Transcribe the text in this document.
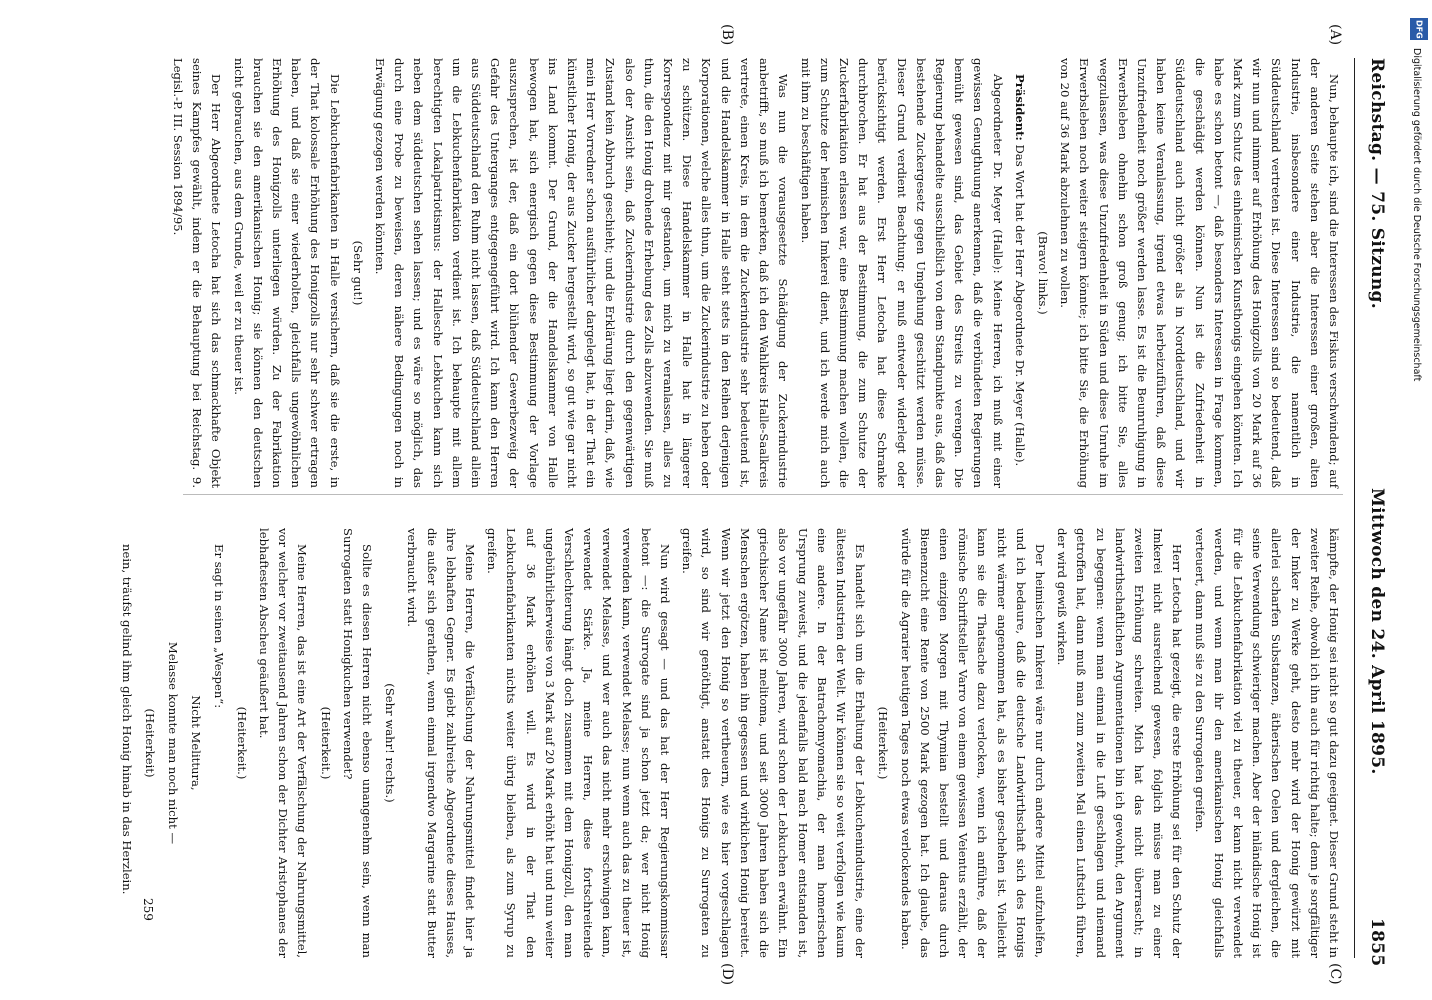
Reichstag. — 75. Sitzung.
Mittwoch den 24. April 1895.
1855
(A)
(B)
(C)
(D)

Nun, behaupte ich, sind die Interessen des Fiskus verschwindend; auf der anderen Seite stehen aber die Interessen einer großen, alten Industrie, insbesondere einer Industrie, die namentlich in Süddeutschland vertreten ist. Diese Interessen sind so bedeutend, daß wir nun und nimmer auf Erhöhung des Honigzolls von 20 Mark auf 36 Mark zum Schutz des einheimischen Kunsthonigs eingehen könnten. Ich habe es schon betont —, daß besonders Interessen in Frage kommen, die geschädigt werden können. Nun ist die Zufriedenheit in Süddeutschland auch nicht größer als in Norddeutschland, und wir haben keine Veranlassung, irgend etwas herbeizuführen, daß diese Unzufriedenheit noch größer werden lasse. Es ist die Beunruhigung in Erwerbsleben ohnehin schon groß genug; ich bitte Sie, alles wegzulassen, was diese Unzufriedenheit in Süden und diese Unruhe im Erwerbsleben noch weiter steigern könnte; ich bitte Sie, die Erhöhung von 20 auf 36 Mark abzulehnen zu wollen.

(Bravo! links.)

Präsident: Das Wort hat der Herr Abgeordnete Dr. Meyer (Halle).

Abgeordneter Dr. Meyer (Halle): Meine Herren, ich muß mit einer gewissen Genugthuung anerkennen, daß die verbündeten Regierungen bemüht gewesen sind, das Gebiet des Streits zu verengen. Die Regierung behandelte ausschließlich von dem Standpunkte aus, daß das bestehende Zuckergesetz gegen Umgehung geschützt werden müsse. Dieser Grund verdient Beachtung; er muß entweder widerlegt oder berücksichtigt werden. Erst Herr Letocha hat diese Schranke durchbrochen. Er hat aus der Bestimmung, die zum Schutze der Zuckerfabrikation erlassen war, eine Bestimmung machen wollen, die zum Schutze der heimischen Imkerei dient, und ich werde mich auch mit ihm zu beschäftigen haben.

Was nun die vorausgesetzte Schädigung der Zuckerindustrie anbetrifft, so muß ich bemerken, daß ich den Wahlkreis Halle-Saalkreis vertrete, einen Kreis, in dem die Zuckerindustrie sehr bedeutend ist, und die Handelskammer in Halle steht stets in den Reihen derjenigen Korporationen, welche alles thun, um die Zuckerindustrie zu heben oder zu schützen. Diese Handelskammer in Halle hat in längerer Korrespondenz mit mir gestanden, um mich zu veranlassen, alles zu thun, die den Honig drohende Erhebung des Zolls abzuwenden. Sie muß also der Ansicht sein, daß Zuckerindustrie durch den gegenwärtigen Zustand kein Abbruch geschieht; und die Erklärung liegt darin, daß, wie mein Herr Vorredner schon ausführlicher dargelegt hat, in der That ein künstlicher Honig, der aus Zucker hergestellt wird, so gut wie gar nicht ins Land kommt. Der Grund, der die Handelskammer von Halle bewogen hat, sich energisch gegen diese Bestimmung der Vorlage auszusprechen, ist der, daß ein dort blühender Gewerbezweig der Gefahr des Unterganges entgegengeführt wird. Ich kann den Herren aus Süddeutschland den Ruhm nicht lassen, daß Süddeutschland allein um die Lebkuchenfabrikation verdient ist. Ich behaupte mit allem berechtigten Lokalpatriotismus: der Hallesche Lebkuchen kann sich neben dem süddeutschen sehen lassen; und es wäre so möglich, das durch eine Probe zu beweisen, deren nähere Bedingungen noch in Erwägung gezogen werden könnten.

(Sehr gut!)

Die Lebkuchenfabrikanten in Halle versichern, daß sie die erste, in der That kolossale Erhöhung des Honigzolls nur sehr schwer ertragen haben, und daß sie einer wiederholten, gleichfalls ungewöhnlichen Erhöhung des Honigzolls unterliegen würden. Zu der Fabrikation brauchen sie den amerikanischen Honig; sie können den deutschen nicht gebrauchen, aus dem Grunde, weil er zu theuer ist.

Der Herr Abgeordnete Letocha hat sich das schmackhafte Objekt seines Kampfes gewählt, indem er die Behauptung bei Reichstag. 9. Legisl.-P. III. Session 1894/95.

kämpfte, der Honig sei nicht so gut dazu geeignet. Dieser Grund steht in zweiter Reihe, obwohl ich ihn auch für richtig halte; denn je sorgfältiger der Imker zu Werke geht, desto mehr wird der Honig gewürzt mit allerlei scharfen Substanzen, ätherischen Oelen und dergleichen, die seine Verwendung schwieriger machen. Aber der inländische Honig ist für die Lebkuchenfabrikation viel zu theuer, er kann nicht verwendet werden, und wenn man ihr den amerikanischen Honig gleichfalls verteuert, dann muß sie zu den Surrogaten greifen.

Herr Letocha hat gezeigt, die erste Erhöhung sei für den Schutz der Imkerei nicht ausreichend gewesen, folglich müsse man zu einer zweiten Erhöhung schreiten. Mich hat das nicht überrascht; in landwirthschaftlichen Argumentationen bin ich gewohnt, den Argument zu begegnen: wenn man einmal in die Luft geschlagen und niemand getroffen hat, dann muß man zum zweiten Mal einen Luftstich führen, der wird gewiß wirken.

Der heimischen Imkerei wäre nur durch andere Mittel aufzuhelfen, und ich bedaure, daß die deutsche Landwirthschaft sich des Honigs nicht wärmer angenommen hat, als es bisher geschehen ist. Vielleicht kann sie die Thatsache dazu verlocken, wenn ich anführe, daß der römische Schriftsteller Varro von einem gewissen Veientus erzählt, der einen einzigen Morgen mit Thymian bestellt und daraus durch Bienenzucht eine Rente von 2500 Mark gezogen hat. Ich glaube, das würde für die Agrarier heutigen Tages noch etwas verlockendes haben.

(Heiterkeit.)

Es handelt sich um die Erhaltung der Lebkuchenindustrie, eine der ältesten Industrien der Welt. Wir können sie so weit verfolgen wie kaum eine andere. In der Batrachomyomachia, der man homerischen Ursprung zuweist, und die jedenfalls bald nach Homer entstanden ist, also vor ungefähr 3000 Jahren, wird schon der Lebkuchen erwähnt. Ein griechischer Name ist melitoma, und seit 3000 Jahren haben sich die Menschen ergötzen, haben ihn gegessen und wirklichen Honig bereitet. Wenn wir jetzt den Honig so vertheuern, wie es hier vorgeschlagen wird, so sind wir genöthigt, anstatt des Honigs zu Surrogaten zu greifen.

Nun wird gesagt — und das hat der Herr Regierungskommissar betont —: die Surrogate sind ja schon jetzt da; wer nicht Honig verwenden kann, verwendet Melasse; nun wenn auch das zu theuer ist, verwendet Melasse, und wer auch das nicht mehr erschwingen kann, verwendet Stärke. Ja, meine Herren, diese fortschreitende Verschlechterung hängt doch zusammen mit dem Honigzoll, den man ungebührlicherweise von 3 Mark auf 20 Mark erhöht hat und nun weiter auf 36 Mark erhöhen will. Es wird in der That den Lebkuchenfabrikanten nichts weiter übrig bleiben, als zum Syrup zu greifen.

Meine Herren, die Verfälschung der Nahrungsmittel findet hier ja ihre lebhaften Gegner. Es giebt zahlreiche Abgeordnete dieses Hauses, die außer sich gerathen, wenn einmal irgendwo Margarine statt Butter verbraucht wird.

(Sehr wahr! rechts.)

Sollte es diesen Herren nicht ebenso unangenehm sein, wenn man Surrogaten statt Honigkuchen verwendet?

(Heiterkeit.)

Meine Herren, das ist eine Art der Verfälschung der Nahrungsmittel, vor welcher vor zweitausend Jahren schon der Dichter Aristophanes der lebhaftesten Abscheu geäußert hat.

(Heiterkeit.)

Er sagt in seinen „Wespen“:

Nicht Melittura,

Melasse konnte man noch nicht —

(Heiterkeit)

nein, träufst gelind ihm gleich Honig hinab in das Herzlein.

259
DFG
Digitalisierung gefördert durch die Deutsche Forschungsgemeinschaft
